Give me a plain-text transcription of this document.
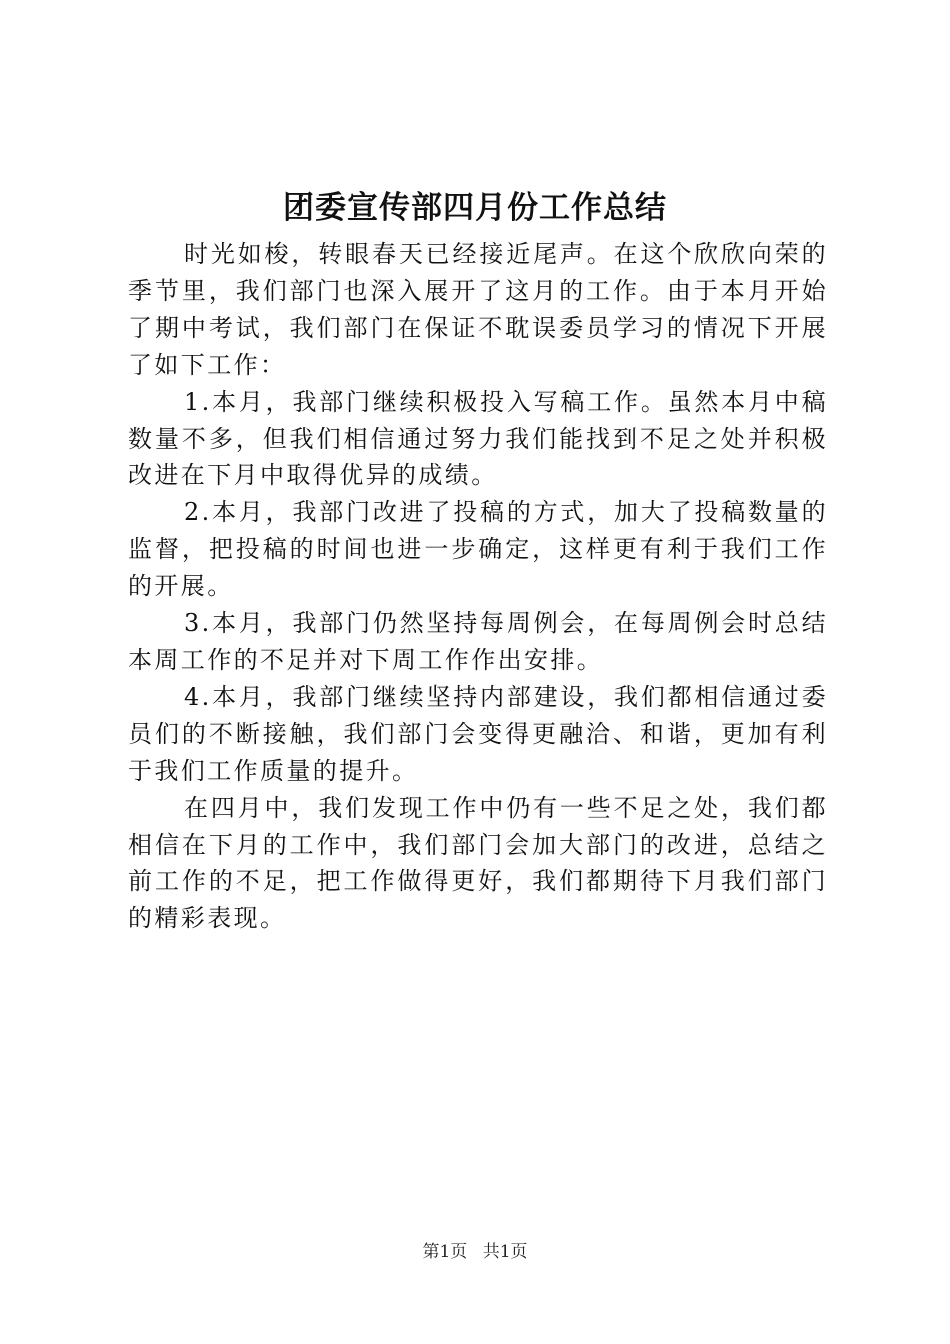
团委宣传部四月份工作总结

时光如梭，转眼春天已经接近尾声。在这个欣欣向荣的季节里，我们部门也深入展开了这月的工作。由于本月开始了期中考试，我们部门在保证不耽误委员学习的情况下开展了如下工作：

1.本月，我部门继续积极投入写稿工作。虽然本月中稿数量不多，但我们相信通过努力我们能找到不足之处并积极改进在下月中取得优异的成绩。

2.本月，我部门改进了投稿的方式，加大了投稿数量的监督，把投稿的时间也进一步确定，这样更有利于我们工作的开展。

3.本月，我部门仍然坚持每周例会，在每周例会时总结本周工作的不足并对下周工作作出安排。

4.本月，我部门继续坚持内部建设，我们都相信通过委员们的不断接触，我们部门会变得更融洽、和谐，更加有利于我们工作质量的提升。

在四月中，我们发现工作中仍有一些不足之处，我们都相信在下月的工作中，我们部门会加大部门的改进，总结之前工作的不足，把工作做得更好，我们都期待下月我们部门的精彩表现。

第1页 共1页
